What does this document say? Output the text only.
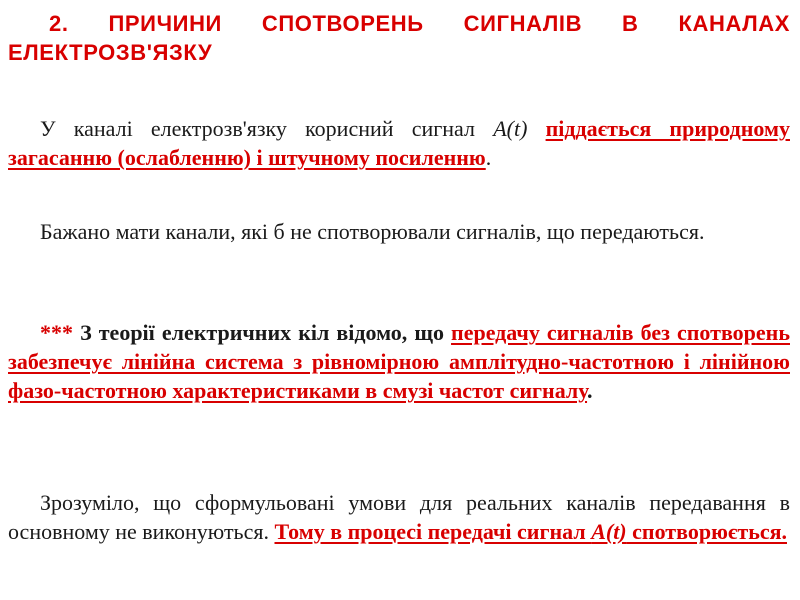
2. ПРИЧИНИ СПОТВОРЕНЬ СИГНАЛІВ В КАНАЛАХ ЕЛЕКТРОЗВ'ЯЗКУ

У каналі електрозв'язку корисний сигнал A(t) піддається природному загасанню (ослабленню) і штучному посиленню.

Бажано мати канали, які б не спотворювали сигналів, що передаються.

*** З теорії електричних кіл відомо, що передачу сигналів без спотворень забезпечує лінійна система з рівномірною амплітудно-частотною і лінійною фазо-частотною характеристиками в смузі частот сигналу.

Зрозуміло, що сформульовані умови для реальних каналів передавання в основному не виконуються. Тому в процесі передачі сигнал A(t) спотворюється.
